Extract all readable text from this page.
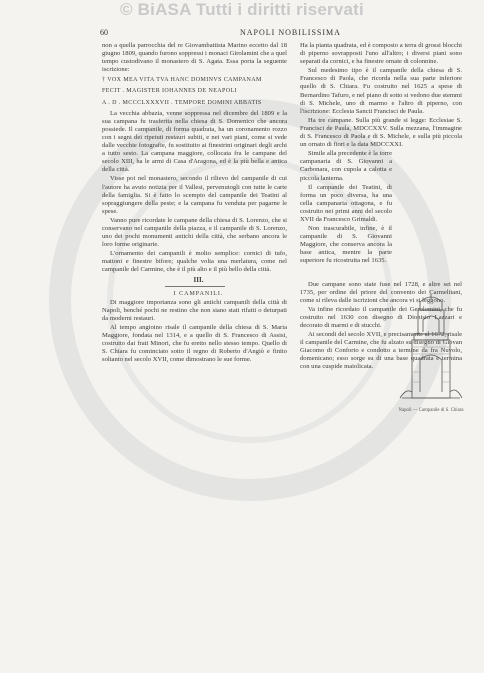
© BiASA Tutti i diritti riservati
60	NAPOLI NOBILISSIMA

non a quella parrocchia del re Giovambattista Marino eccetto dal 18 giugno 1809, quando furono soppressi i monaci Girolamini che a quel tempo custodivano il monastero di S. Agata. Essa porta la seguente iscrizione:

† VOX MEA VITA TVA HANC DOMINVS CAMPANAM

FECIT . MAGISTER IOHANNES DE NEAPOLI

A . D . MCCCLXXXVII . TEMPORE DOMINI ABBATIS

La vecchia abbazia, venne soppressa nel dicembre del 1809 e la sua campana fu trasferita nella chiesa di S. Domenico che ancora possiede. Il campanile, di forma quadrata, ha un coronamento rozzo con i segni dei ripetuti restauri subiti, e nei vari piani, come si vede dalle vecchie fotografie, fu sostituito ai finestrini originari degli archi a tutto sesto. La campana maggiore, collocata fra le campane del secolo XIII, ha le armi di Casa d'Aragona, ed è la più bella e antica della città.

Visse poi nel monastero, secondo il rilievo del campanile di cui l'autore ha avuto notizia per il Vallesi, pervenutogli con tutte le carte della famiglia. Si è fatto lo scempio del campanile dei Teatini al sopraggiungere della peste; e la campana fu venduta per pagarne le spese.

Vanno pure ricordate le campane della chiesa di S. Lorenzo, che si conservano nel campanile della piazza, e il campanile di S. Lorenzo, uno dei pochi monumenti antichi della città, che serbano ancora le loro forme originarie.

L'ornamento dei campanili è molto semplice: cornici di tufo, mattoni e finestre bifore; qualche volta una merlatura, come nel campanile del Carmine, che è il più alto e il più bello della città.

III.

I CAMPANILI.

Di maggiore importanza sono gli antichi campanili della città di Napoli, benché pochi ne restino che non siano stati rifatti o deturpati da moderni restauri.

Al tempo angioino risale il campanile della chiesa di S. Maria Maggiore, fondata nel 1314, e a quello di S. Francesco di Assisi, costruito dai frati Minori, che fu eretto nello stesso tempo. Quello di S. Chiara fu cominciato sotto il regno di Roberto d'Angiò e finito soltanto nel secolo XVII, come dimostrano le sue forme.

Ha la pianta quadrata, ed è composto a terra di grossi blocchi di piperno sovrapposti l'uno all'altro; i diversi piani sono separati da cornici, e ha finestre ornate di colonnine.

Sul medesimo tipo è il campanile della chiesa di S. Francesco di Paola, che ricorda nella sua parte inferiore quello di S. Chiara. Fu costruito nel 1625 a spese di Bernardino Tafuro, e nel piano di sotto si vedono due stemmi di S. Michele, uno di marmo e l'altro di piperno, con l'iscrizione: Ecclesia Sancti Francisci de Paula.

Ha tre campane. Sulla più grande si legge: Ecclesiae S. Francisci de Paula, MDCCXXV. Sulla mezzana, l'immagine di S. Francesco di Paola e di S. Michele, e sulla più piccola un ornato di fiori e la data MDCCXXI.

Simile alla precedente è la torre campanaria di S. Giovanni a Carbonara, con cupola a calotta e piccola lanterna.

Il campanile dei Teatini, di forma un poco diversa, ha una cella campanaria ottagona, e fu costruito nei primi anni del secolo XVII da Francesco Grimaldi.

Non trascurabile, infine, è il campanile di S. Giovanni Maggiore, che conserva ancora la base antica, mentre la parte superiore fu ricostruita nel 1635.

Due campane sono state fuse nel 1728, e altre sei nel 1735, per ordine del priore del convento dei Carmelitani, come si rileva dalle iscrizioni che ancora vi si leggono.

Va infine ricordato il campanile dei Gerolomini, che fu costruito nel 1630 con disegno di Dionisio Lazzari e decorato di marmi e di stucchi.

Ai secondi del secolo XVII, e precisamente al 1672, risale il campanile del Carmine, che fu alzato su disegno di Giovan Giacomo di Conforto e condotto a termine da fra Nuvolo, domenicano; esso sorge su di una base quadrata e termina con una cuspide maiolicata.

Napoli — Campanile di S. Chiara
